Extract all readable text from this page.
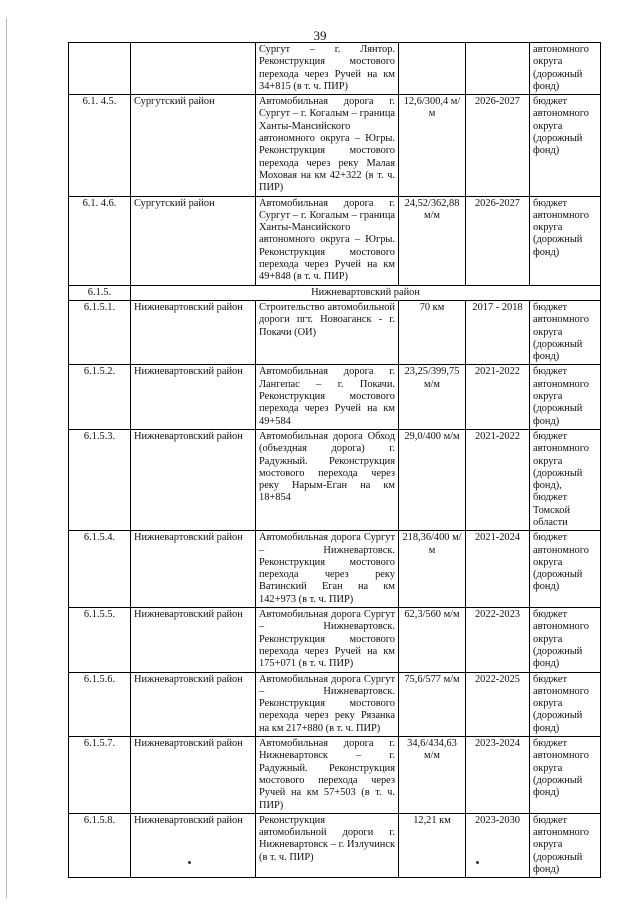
39
		Сургут – г. Лянтор. Реконструкция мостового перехода через Ручей на км 34+815 (в т. ч. ПИР)			автономного округа (дорожный фонд)
6.1. 4.5.	Сургутский район	Автомобильная дорога г. Сургут – г. Когалым – граница Ханты-Мансийского автономного округа – Югры. Реконструкция мостового перехода через реку Малая Моховая на км 42+322 (в т. ч. ПИР)	12,6/300,4 м/м	2026-2027	бюджет автономного округа (дорожный фонд)
6.1. 4.6.	Сургутский район	Автомобильная дорога г. Сургут – г. Когалым – граница Ханты-Мансийского автономного округа – Югры. Реконструкция мостового перехода через Ручей на км 49+848 (в т. ч. ПИР)	24,52/362,88 м/м	2026-2027	бюджет автономного округа (дорожный фонд)
6.1.5.	Нижневартовский район				
6.1.5.1.	Нижневартовский район	Строительство автомобильной дороги пгт. Новоаганск - г. Покачи (ОИ)	70 км	2017 - 2018	бюджет автономного округа (дорожный фонд)
6.1.5.2.	Нижневартовский район	Автомобильная дорога г. Лангепас – г. Покачи. Реконструкция мостового перехода через Ручей на км 49+584	23,25/399,75 м/м	2021-2022	бюджет автономного округа (дорожный фонд)
6.1.5.3.	Нижневартовский район	Автомобильная дорога Обход (объездная дорога) г. Радужный. Реконструкция мостового перехода через реку Нарым-Еган на км 18+854	29,0/400 м/м	2021-2022	бюджет автономного округа (дорожный фонд), бюджет Томской области
6.1.5.4.	Нижневартовский район	Автомобильная дорога Сургут – Нижневартовск. Реконструкция мостового перехода через реку Ватинский Еган на км 142+973 (в т. ч. ПИР)	218,36/400 м/м	2021-2024	бюджет автономного округа (дорожный фонд)
6.1.5.5.	Нижневартовский район	Автомобильная дорога Сургут – Нижневартовск. Реконструкция мостового перехода через Ручей на км 175+071 (в т. ч. ПИР)	62,3/560 м/м	2022-2023	бюджет автономного округа (дорожный фонд)
6.1.5.6.	Нижневартовский район	Автомобильная дорога Сургут – Нижневартовск. Реконструкция мостового перехода через реку Рязанка на км 217+880 (в т. ч. ПИР)	75,6/577 м/м	2022-2025	бюджет автономного округа (дорожный фонд)
6.1.5.7.	Нижневартовский район	Автомобильная дорога г. Нижневартовск – г. Радужный. Реконструкция мостового перехода через Ручей на км 57+503 (в т. ч. ПИР)	34,6/434,63 м/м	2023-2024	бюджет автономного округа (дорожный фонд)
6.1.5.8.	Нижневартовский район	Реконструкция автомобильной дороги г. Нижневартовск – г. Излучинск (в т. ч. ПИР)	12,21 км	2023-2030	бюджет автономного округа (дорожный фонд)
